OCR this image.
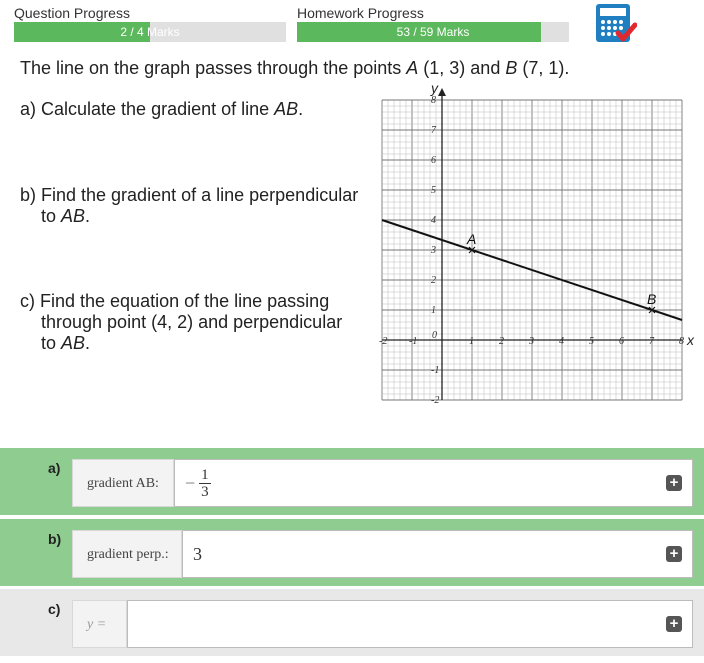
Question Progress
2 / 4 Marks
Homework Progress
53 / 59 Marks
The line on the graph passes through the points A (1, 3) and B (7, 1).
a) Calculate the gradient of line AB.
b) Find the gradient of a line perpendicular
to AB.
c) Find the equation of the line passing
through point (4, 2) and perpendicular
to AB.	x
y
-2 -1
0
1	2	3	4	5	6	7	8
-2
-1
1
2
3
4
5
6
7
8
A
B
a)
gradient AB:	− $\frac{1}{3}$	+
b)
gradient perp.:	3	+
c)
y =	+
